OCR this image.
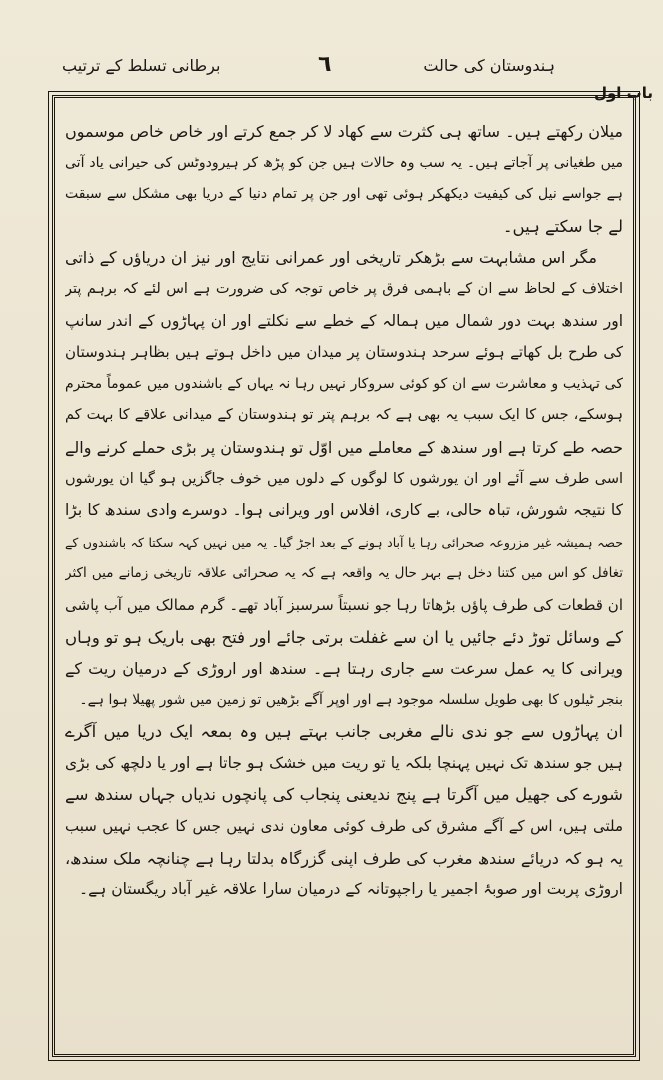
برطانی تسلط کے ترتیب	٦	ہندوستان کی حالت
باب اول
میلان رکھتے ہیں۔ ساتھ ہی کثرت سے کھاد لا کر جمع کرتے اور خاص خاص موسموں
میں طغیانی پر آجاتے ہیں۔ یہ سب وہ حالات ہیں جن کو پڑھ کر ہیرودوٹس کی حیرانی یاد آتی
ہے جواسے نیل کی کیفیت دیکھکر ہوئی تھی اور جن پر تمام دنیا کے دریا بھی مشکل سے سبقت
لے جا سکتے ہیں۔
مگر اس مشابہت سے بڑھکر تاریخی اور عمرانی نتایج اور نیز ان دریاؤں کے ذاتی
اختلاف کے لحاظ سے ان کے باہمی فرق پر خاص توجہ کی ضرورت ہے اس لئے کہ برہم پتر
اور سندھ بہت دور شمال میں ہمالہ کے خطے سے نکلتے اور ان پہاڑوں کے اندر سانپ
کی طرح بل کھاتے ہوئے سرحد ہندوستان پر میدان میں داخل ہوتے ہیں بظاہر ہندوستان
کی تہذیب و معاشرت سے ان کو کوئی سروکار نہیں رہا نہ یہاں کے باشندوں میں عموماً محترم
ہوسکے، جس کا ایک سبب یہ بھی ہے کہ برہم پتر تو ہندوستان کے میدانی علاقے کا بہت کم
حصہ طے کرتا ہے اور سندھ کے معاملے میں اوّل تو ہندوستان پر بڑی حملے کرنے والے
اسی طرف سے آئے اور ان یورشوں کا لوگوں کے دلوں میں خوف جاگزیں ہو گیا ان یورشوں
کا نتیجہ شورش، تباہ حالی، بے کاری، افلاس اور ویرانی ہوا۔ دوسرے وادی سندھ کا بڑا
حصہ ہمیشہ غیر مزروعہ صحرائی رہا یا آباد ہونے کے بعد اجڑ گیا۔ یہ میں نہیں کہہ سکتا کہ باشندوں کے
تغافل کو اس میں کتنا دخل ہے بہر حال یہ واقعہ ہے کہ یہ صحرائی علاقہ تاریخی زمانے میں اکثر
ان قطعات کی طرف پاؤں بڑھاتا رہا جو نسبتاً سرسبز آباد تھے۔ گرم ممالک میں آب پاشی
کے وسائل توڑ دئے جائیں یا ان سے غفلت برتی جائے اور فتح بھی باریک ہو تو وہاں
ویرانی کا یہ عمل سرعت سے جاری رہتا ہے۔ سندھ اور اروڑی کے درمیان ریت کے
بنجر ٹیلوں کا بھی طویل سلسلہ موجود ہے اور اوپر آگے بڑھیں تو زمین میں شور پھیلا ہوا ہے۔
ان پہاڑوں سے جو ندی نالے مغربی جانب بہتے ہیں وہ بمعہ ایک دریا میں آگرے
ہیں جو سندھ تک نہیں پہنچا بلکہ یا تو ریت میں خشک ہو جاتا ہے اور یا دلچھ کی بڑی
شورے کی جھیل میں آگرتا ہے پنج ندیعنی پنجاب کی پانچوں ندیاں جہاں سندھ سے
ملتی ہیں، اس کے آگے مشرق کی طرف کوئی معاون ندی نہیں جس کا عجب نہیں سبب
یہ ہو کہ دریائے سندھ مغرب کی طرف اپنی گزرگاہ بدلتا رہا ہے چنانچہ ملک سندھ،
اروڑی پربت اور صوبۂ اجمیر یا راجپوتانہ کے درمیان سارا علاقہ غیر آباد ریگستان ہے۔
